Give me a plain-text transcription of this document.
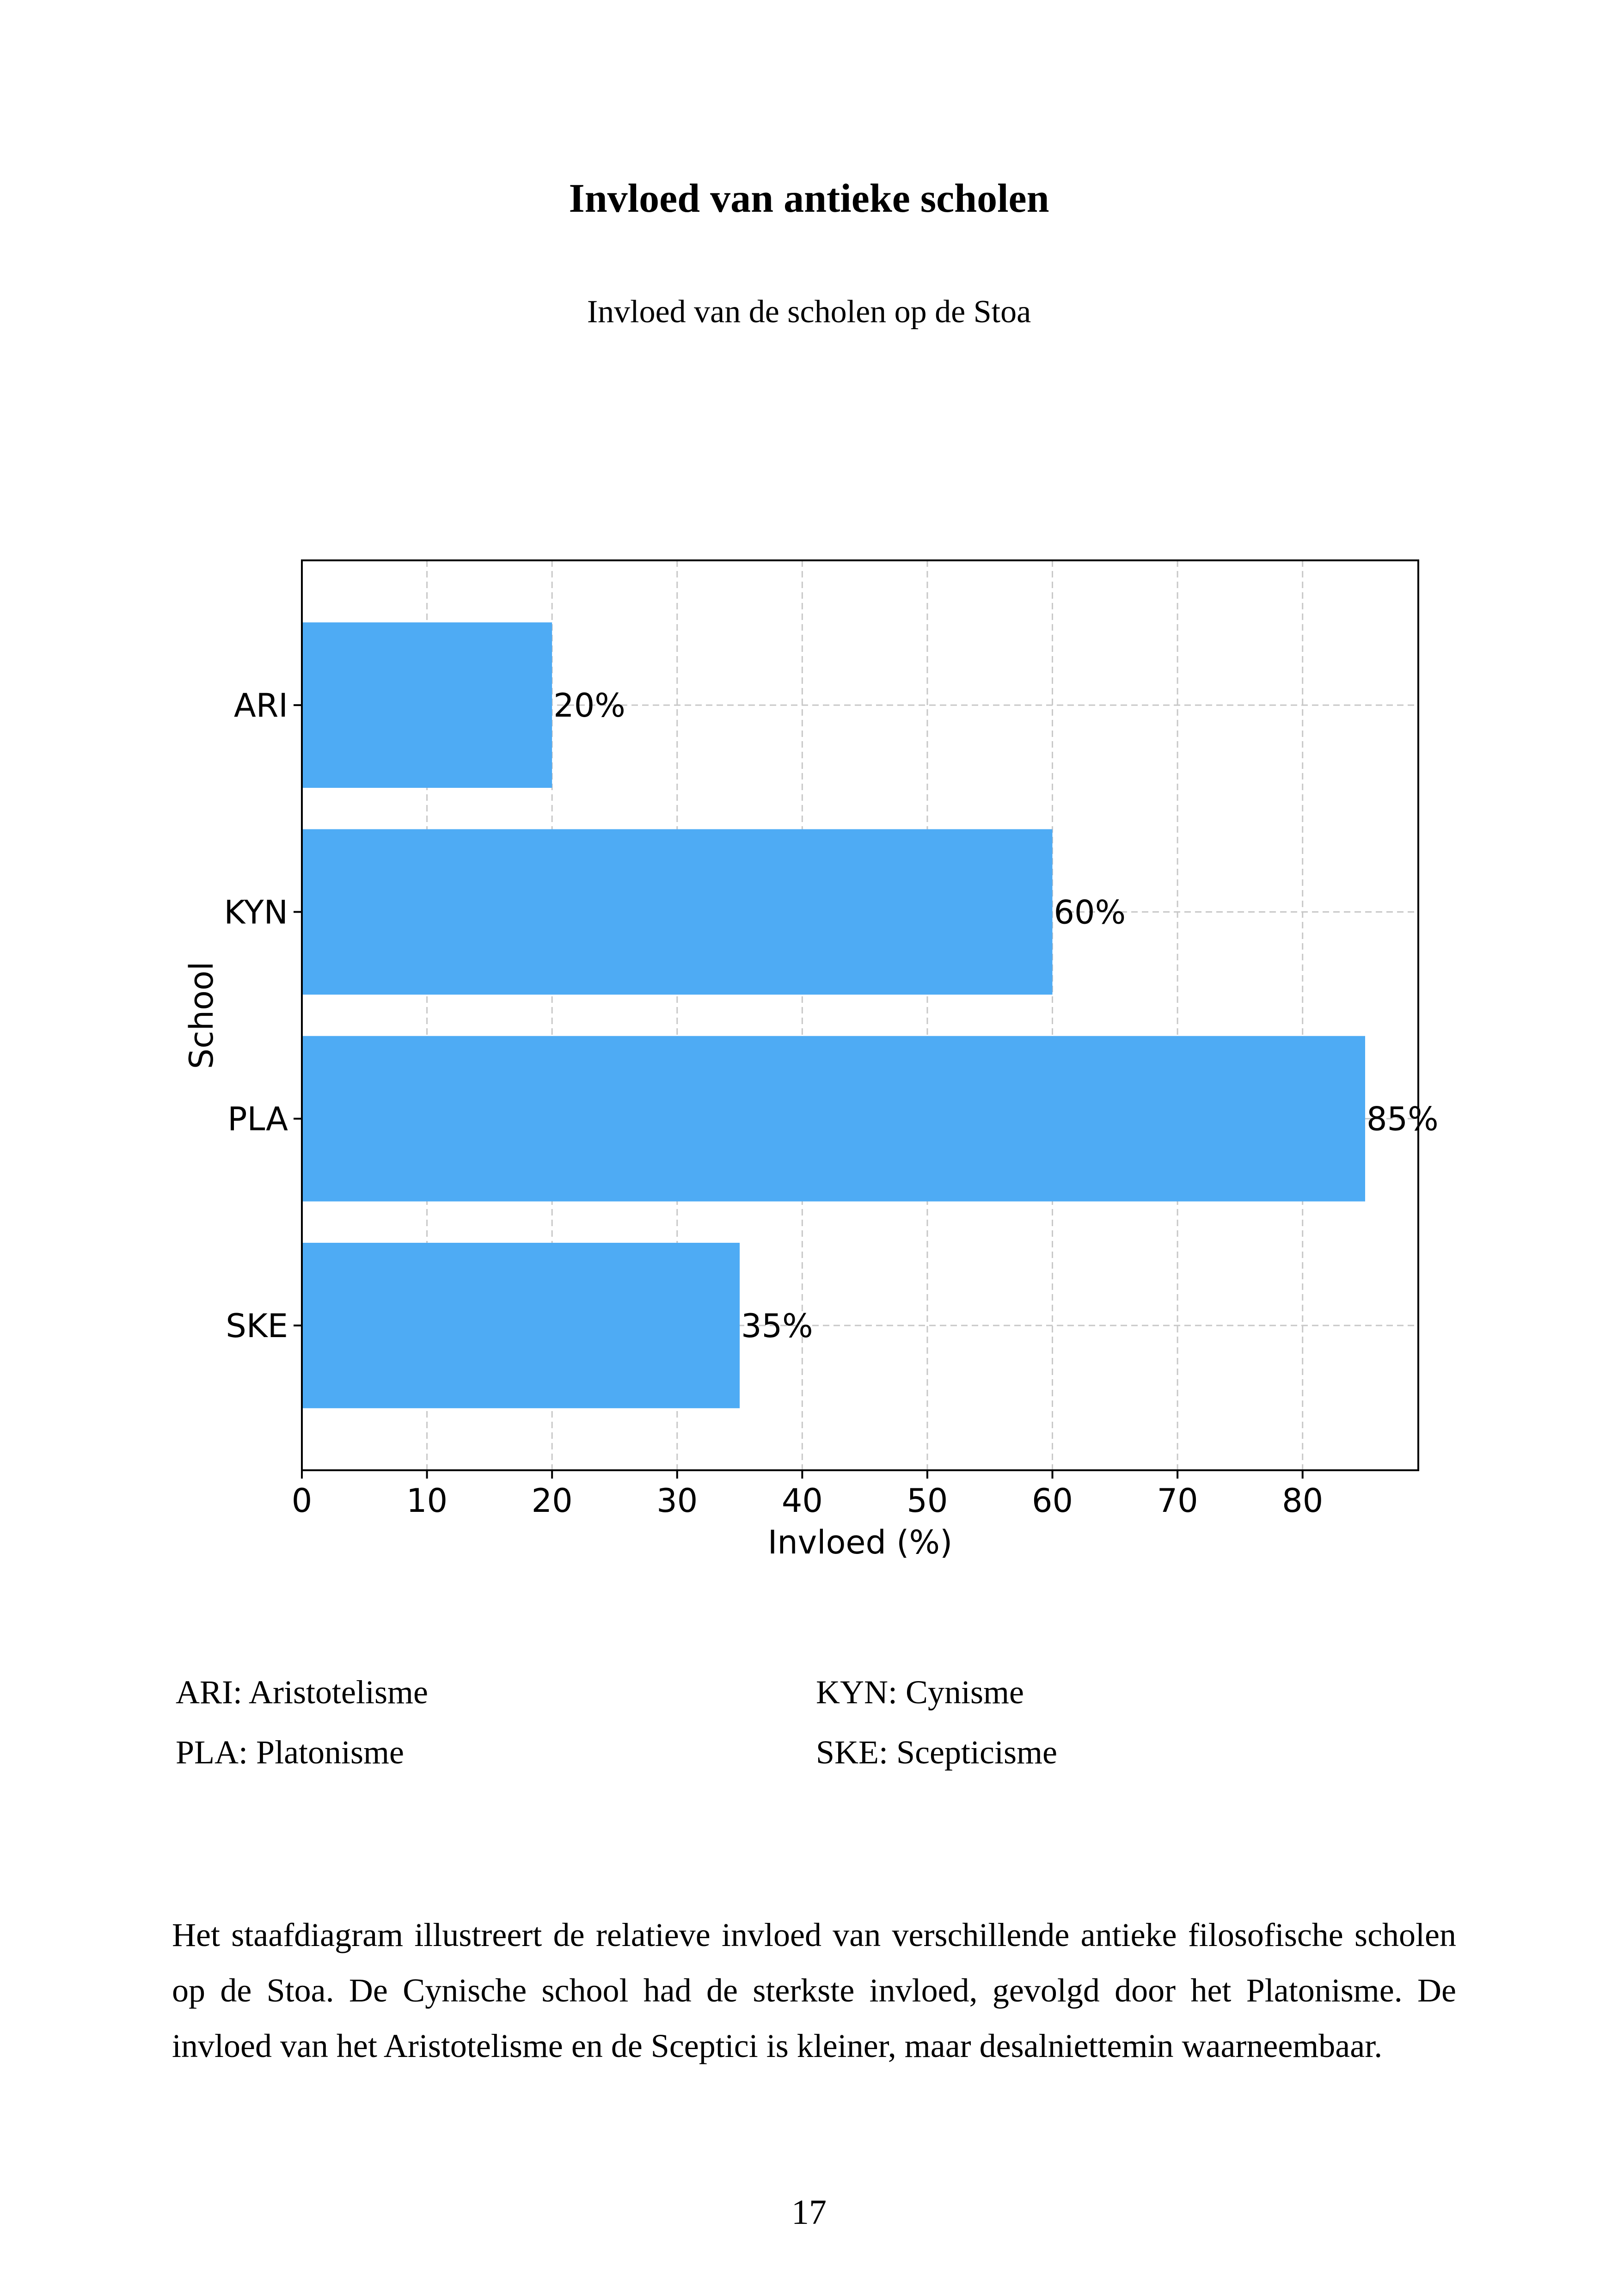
Invloed van antieke scholen
Invloed van de scholen op de Stoa
0	10	20	30	40	50	60	70	80
ARI
KYN
PLA
SKE
20%
60%
85%
35%
Invloed (%)
School
ARI: Aristotelisme	KYN: Cynisme
PLA: Platonisme	SKE: Scepticisme

Het staafdiagram illustreert de relatieve invloed van verschillende antieke filosofische scholen op de Stoa. De Cynische school had de sterkste invloed, gevolgd door het Platonisme. De invloed van het Aristotelisme en de Sceptici is kleiner, maar desalniettemin waarneembaar.

17
